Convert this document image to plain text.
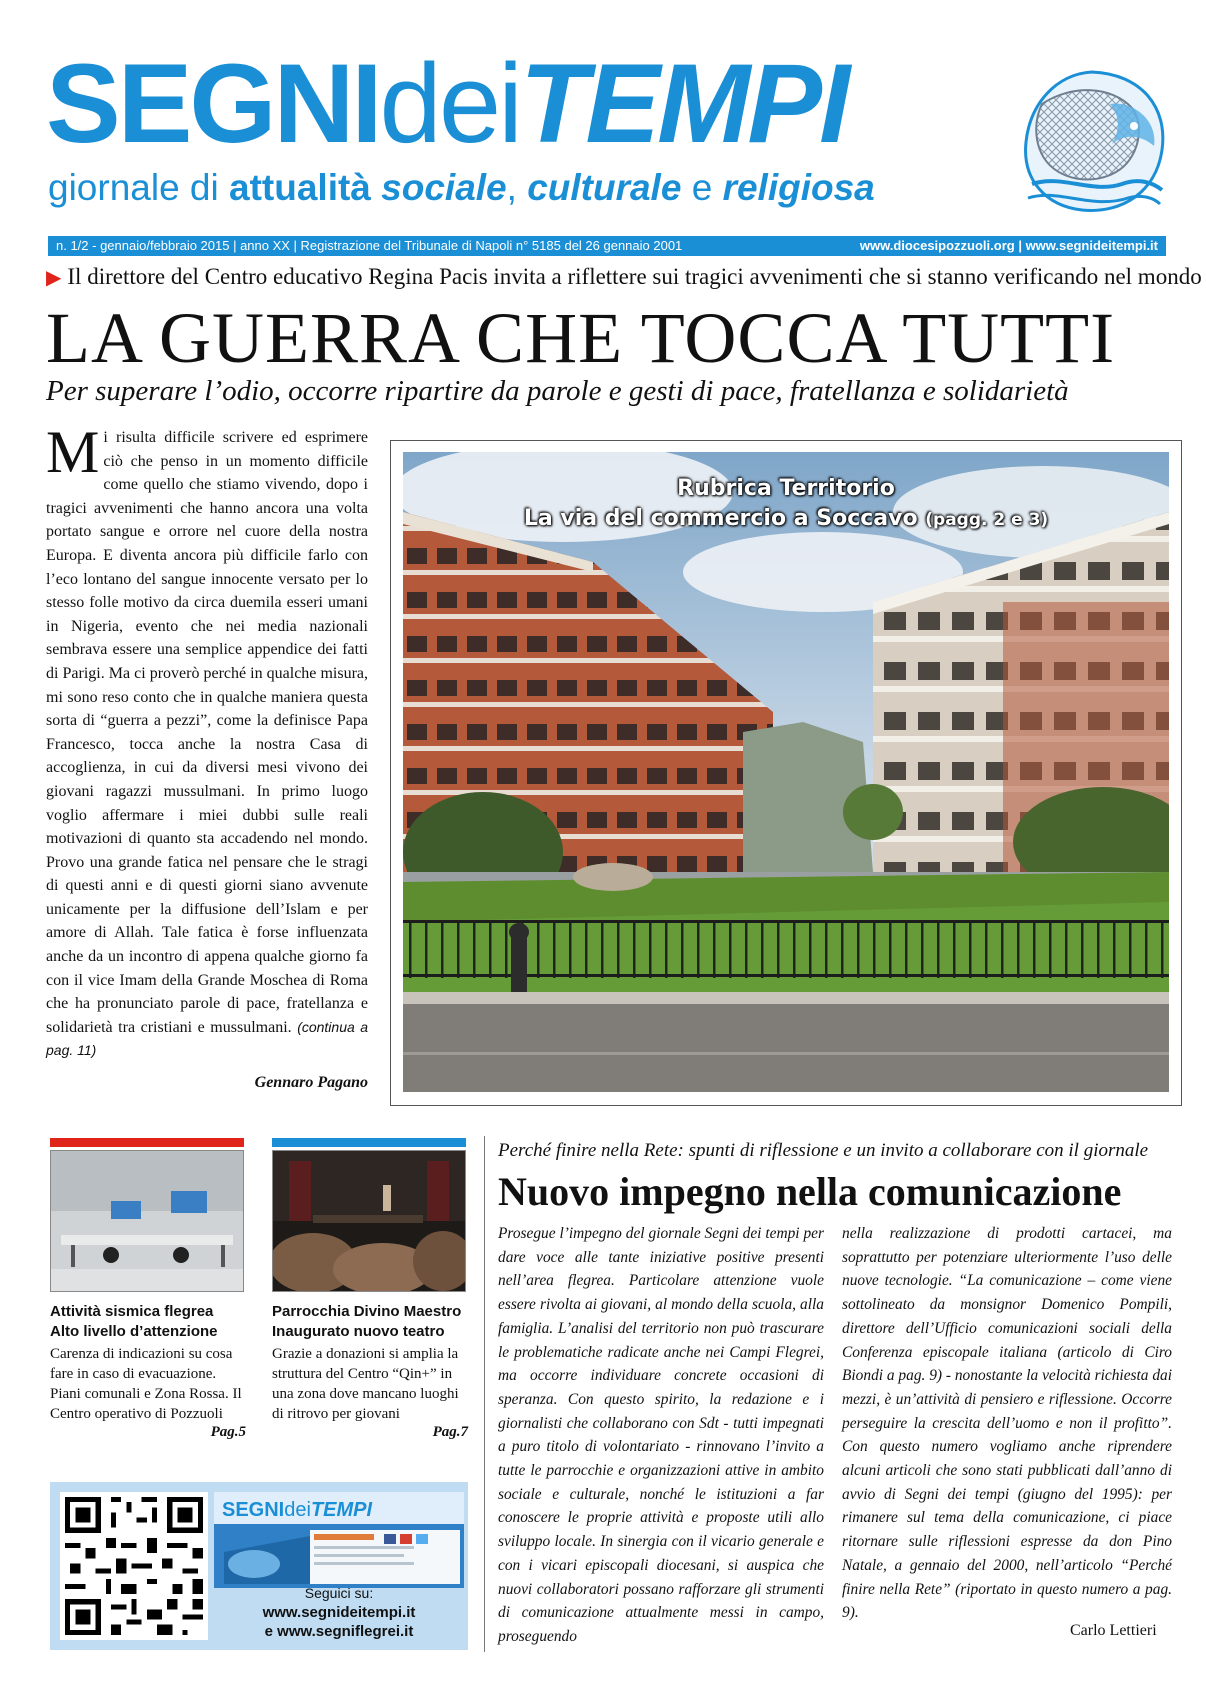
SEGNIdeiTEMPI
giornale di attualità sociale, culturale e religiosa
n. 1/2 - gennaio/febbraio 2015 | anno XX | Registrazione del Tribunale di Napoli n° 5185 del 26 gennaio 2001	www.diocesipozzuoli.org | www.segnideitempi.it
▶ Il direttore del Centro educativo Regina Pacis invita a riflettere sui tragici avvenimenti che si stanno verificando nel mondo
LA GUERRA CHE TOCCA TUTTI
Per superare l’odio, occorre ripartire da parole e gesti di pace, fratellanza e solidarietà
Mi risulta difficile scrivere ed esprimere ciò che penso in un momento difficile come quello che stiamo vivendo, dopo i tragici avvenimenti che hanno ancora una volta portato sangue e orrore nel cuore della nostra Europa. E diventa ancora più difficile farlo con l’eco lontano del sangue innocente versato per lo stesso folle motivo da circa duemila esseri umani in Nigeria, evento che nei media nazionali sembrava essere una semplice appendice dei fatti di Parigi. Ma ci proverò perché in qualche misura, mi sono reso conto che in qualche maniera questa sorta di “guerra a pezzi”, come la definisce Papa Francesco, tocca anche la nostra Casa di accoglienza, in cui da diversi mesi vivono dei giovani ragazzi mussulmani. In primo luogo voglio affermare i miei dubbi sulle reali motivazioni di quanto sta accadendo nel mondo. Provo una grande fatica nel pensare che le stragi di questi anni e di questi giorni siano avvenute unicamente per la diffusione dell’Islam e per amore di Allah. Tale fatica è forse influenzata anche da un incontro di appena qualche giorno fa con il vice Imam della Grande Moschea di Roma che ha pronunciato parole di pace, fratellanza e solidarietà tra cristiani e mussulmani. (continua a pag. 11)
Gennaro Pagano
Rubrica Territorio
La via del commercio a Soccavo (pagg. 2 e 3)
Attività sismica flegrea
Alto livello d’attenzione
Carenza di indicazioni su cosa fare in caso di evacuazione. Piani comunali e Zona Rossa. Il Centro operativo di Pozzuoli
Pag.5
Parrocchia Divino Maestro
Inaugurato nuovo teatro
Grazie a donazioni si amplia la struttura del Centro “Qin+” in una zona dove mancano luoghi di ritrovo per giovani
Pag.7
SEGNIdeiTEMPI
Seguici su:
www.segnideitempi.it
e www.segniflegrei.it
Perché finire nella Rete: spunti di riflessione e un invito a collaborare con il giornale
Nuovo impegno nella comunicazione
Prosegue l’impegno del giornale Segni dei tempi per dare voce alle tante iniziative positive presenti nell’area flegrea. Particolare attenzione vuole essere rivolta ai giovani, al mondo della scuola, alla famiglia. L’analisi del territorio non può trascurare le problematiche radicate anche nei Campi Flegrei, ma occorre individuare concrete occasioni di speranza. Con questo spirito, la redazione e i giornalisti che collaborano con Sdt - tutti impegnati a puro titolo di volontariato - rinnovano l’invito a tutte le parrocchie e organizzazioni attive in ambito sociale e culturale, nonché le istituzioni a far conoscere le proprie attività e proposte utili allo sviluppo locale. In sinergia con il vicario generale e con i vicari episcopali diocesani, si auspica che nuovi collaboratori possano rafforzare gli strumenti di comunicazione attualmente messi in campo, proseguendo
nella realizzazione di prodotti cartacei, ma soprattutto per potenziare ulteriormente l’uso delle nuove tecnologie. “La comunicazione – come viene sottolineato da monsignor Domenico Pompili, direttore dell’Ufficio comunicazioni sociali della Conferenza episcopale italiana (articolo di Ciro Biondi a pag. 9) - nonostante la velocità richiesta dai mezzi, è un’attività di pensiero e riflessione. Occorre perseguire la crescita dell’uomo e non il profitto”. Con questo numero vogliamo anche riprendere alcuni articoli che sono stati pubblicati dall’anno di avvio di Segni dei tempi (giugno del 1995): per rimanere sul tema della comunicazione, ci piace ritornare sulle riflessioni espresse da don Pino Natale, a gennaio del 2000, nell’articolo “Perché finire nella Rete” (riportato in questo numero a pag. 9).
Carlo Lettieri
